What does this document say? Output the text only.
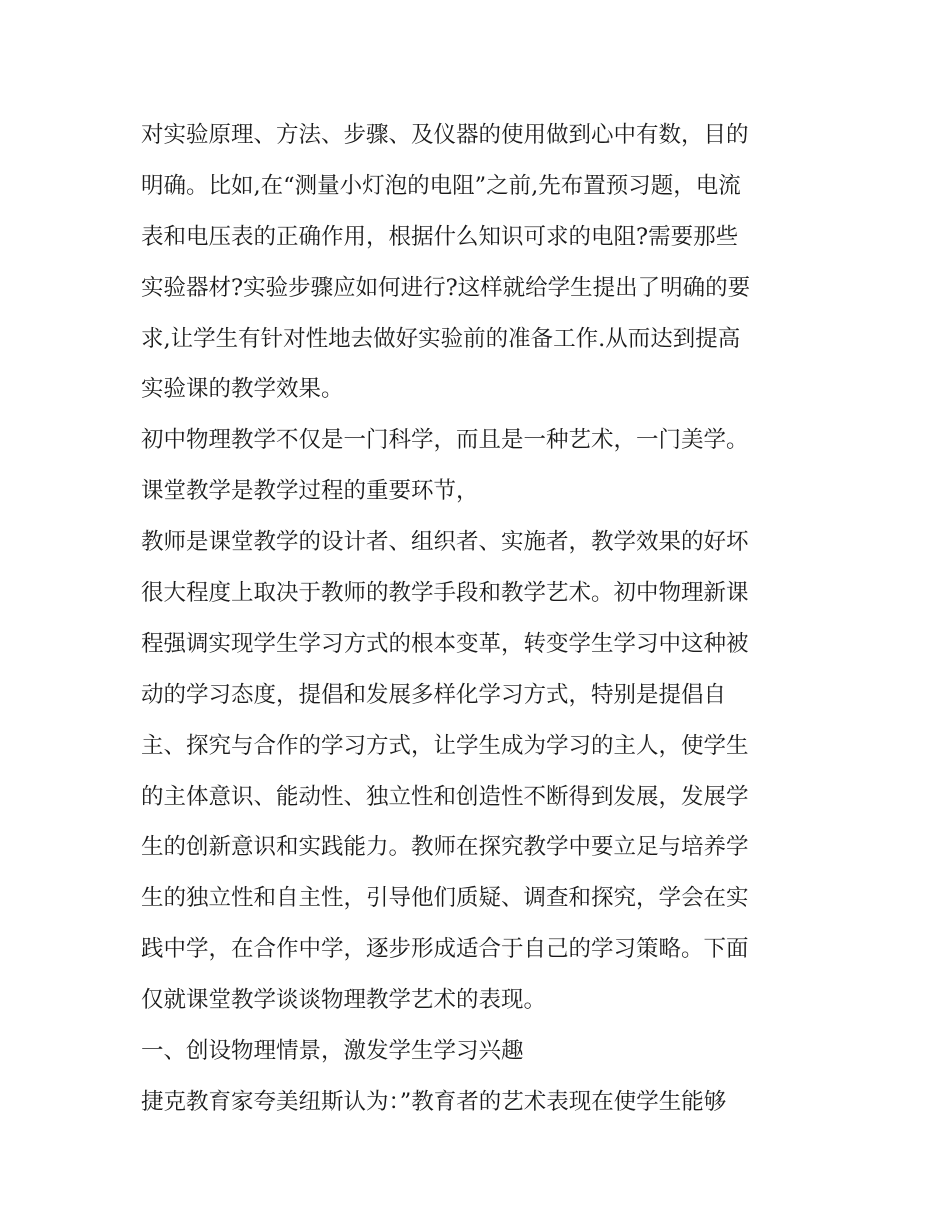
对实验原理、方法、步骤、及仪器的使用做到心中有数，目的
明确。比如,在“测量小灯泡的电阻”之前,先布置预习题，电流
表和电压表的正确作用，根据什么知识可求的电阻?需要那些
实验器材?实验步骤应如何进行?这样就给学生提出了明确的要
求,让学生有针对性地去做好实验前的准备工作.从而达到提高
实验课的教学效果。
初中物理教学不仅是一门科学，而且是一种艺术，一门美学。
课堂教学是教学过程的重要环节，
教师是课堂教学的设计者、组织者、实施者，教学效果的好坏
很大程度上取决于教师的教学手段和教学艺术。初中物理新课
程强调实现学生学习方式的根本变革，转变学生学习中这种被
动的学习态度，提倡和发展多样化学习方式，特别是提倡自
主、探究与合作的学习方式，让学生成为学习的主人，使学生
的主体意识、能动性、独立性和创造性不断得到发展，发展学
生的创新意识和实践能力。教师在探究教学中要立足与培养学
生的独立性和自主性，引导他们质疑、调查和探究，学会在实
践中学，在合作中学，逐步形成适合于自己的学习策略。下面
仅就课堂教学谈谈物理教学艺术的表现。
一、创设物理情景，激发学生学习兴趣
捷克教育家夸美纽斯认为：”教育者的艺术表现在使学生能够
